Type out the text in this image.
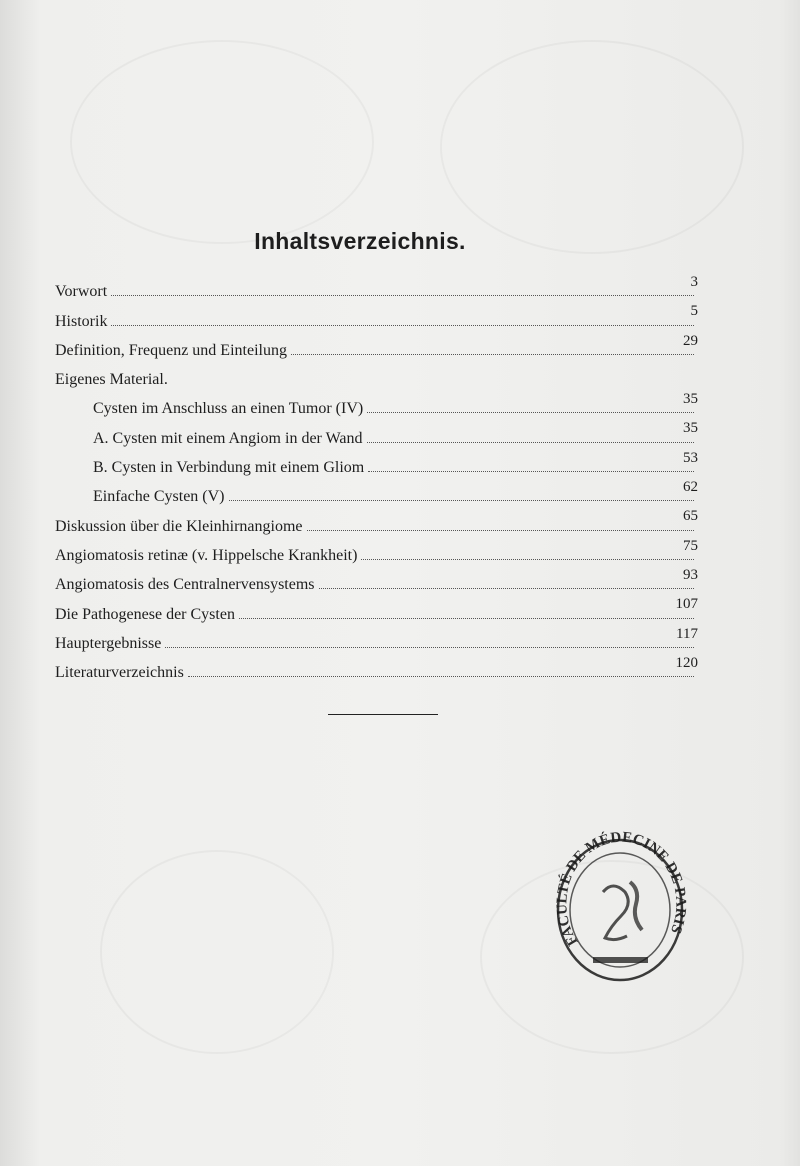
Inhaltsverzeichnis.
Vorwort
3
Historik
5
Definition, Frequenz und Einteilung
29
Eigenes Material.
Cysten im Anschluss an einen Tumor (IV)
35
A. Cysten mit einem Angiom in der Wand
35
B. Cysten in Verbindung mit einem Gliom
53
Einfache Cysten (V)
62
Diskussion über die Kleinhirnangiome
65
Angiomatosis retinæ (v. Hippelsche Krankheit)
75
Angiomatosis des Centralnervensystems
93
Die Pathogenese der Cysten
107
Hauptergebnisse
117
Literaturverzeichnis
120
FACULTÉ DE MÉDECINE DE PARIS
